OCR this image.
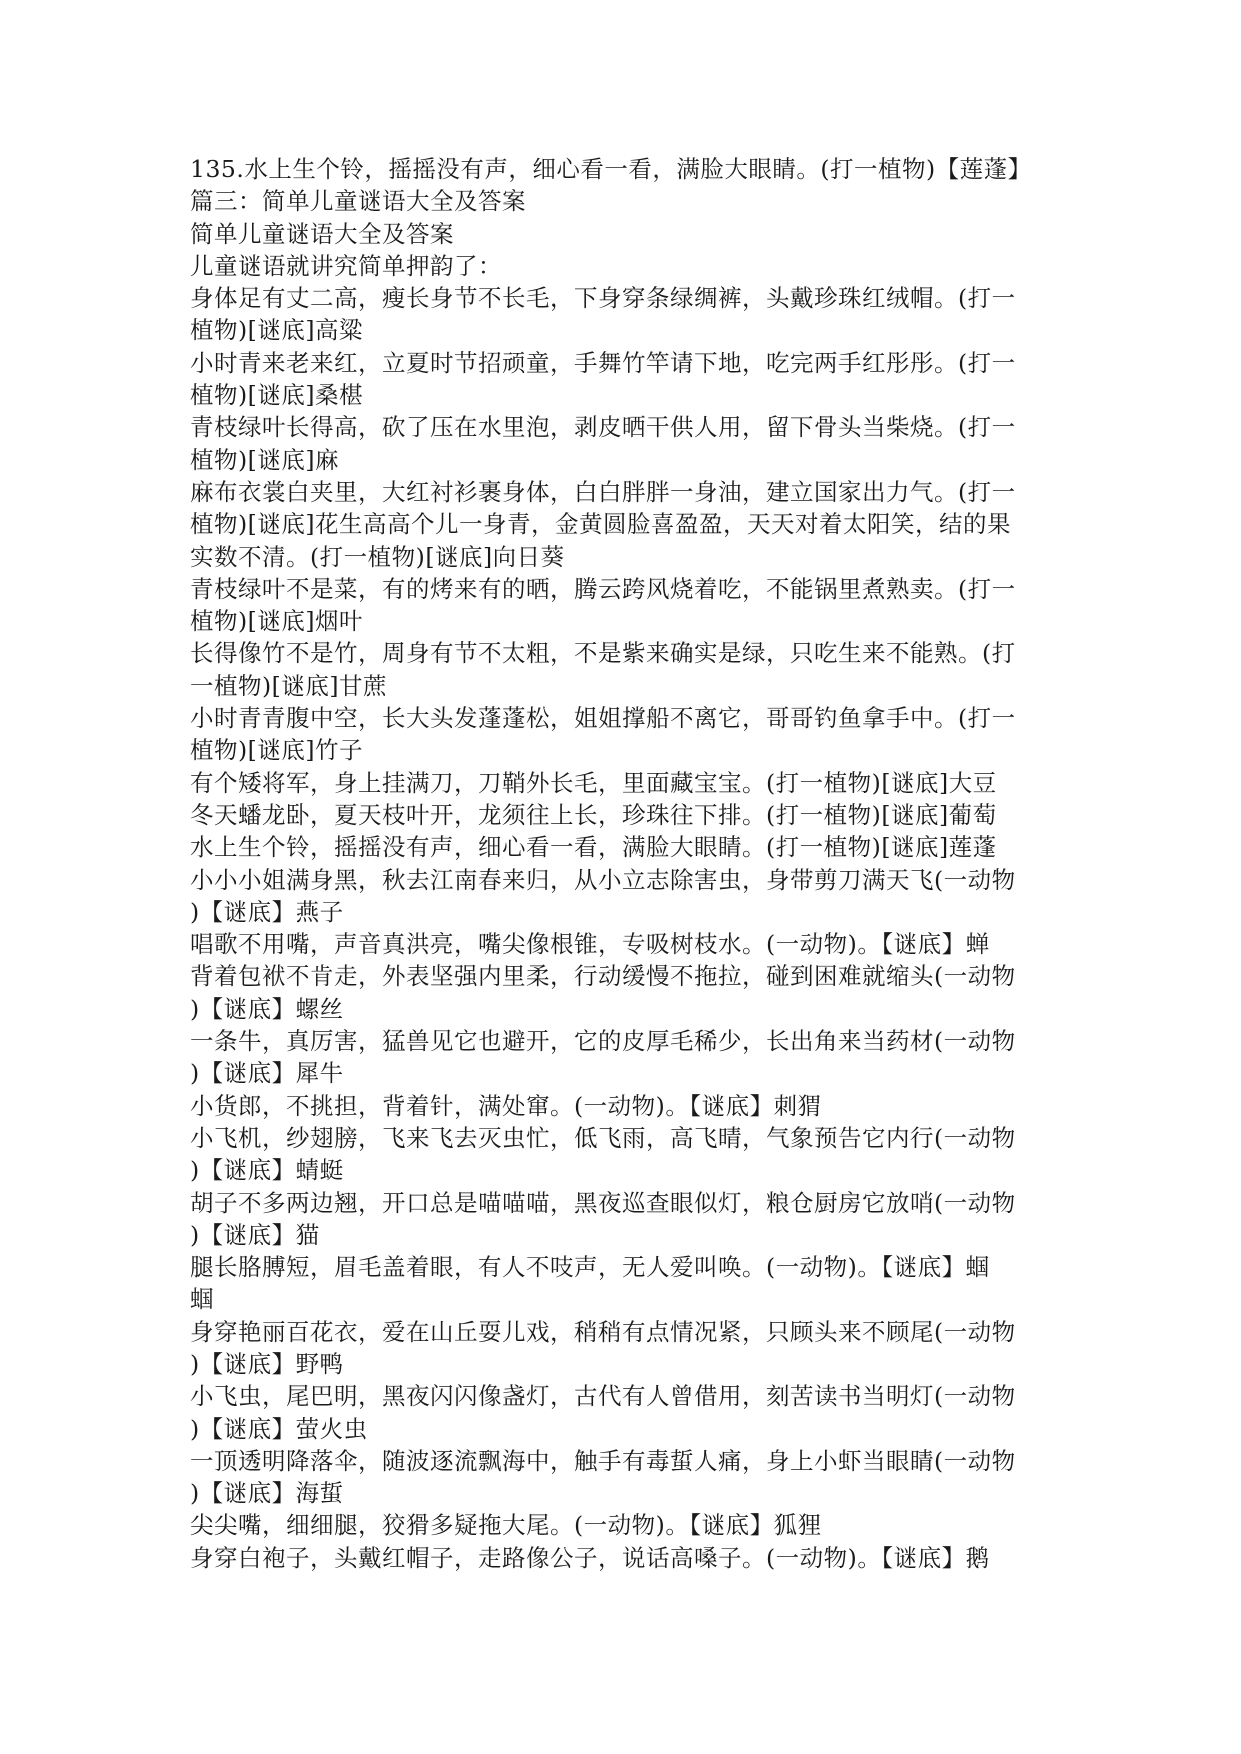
135.水上生个铃，摇摇没有声，细心看一看，满脸大眼睛。(打一植物)【莲蓬】
篇三：简单儿童谜语大全及答案
简单儿童谜语大全及答案
儿童谜语就讲究简单押韵了：
身体足有丈二高，瘦长身节不长毛，下身穿条绿绸裤，头戴珍珠红绒帽。(打一
植物)[谜底]高粱
小时青来老来红，立夏时节招顽童，手舞竹竿请下地，吃完两手红彤彤。(打一
植物)[谜底]桑椹
青枝绿叶长得高，砍了压在水里泡，剥皮晒干供人用，留下骨头当柴烧。(打一
植物)[谜底]麻
麻布衣裳白夹里，大红衬衫裹身体，白白胖胖一身油，建立国家出力气。(打一
植物)[谜底]花生高高个儿一身青，金黄圆脸喜盈盈，天天对着太阳笑，结的果
实数不清。(打一植物)[谜底]向日葵
青枝绿叶不是菜，有的烤来有的晒，腾云跨风烧着吃，不能锅里煮熟卖。(打一
植物)[谜底]烟叶
长得像竹不是竹，周身有节不太粗，不是紫来确实是绿，只吃生来不能熟。(打
一植物)[谜底]甘蔗
小时青青腹中空，长大头发蓬蓬松，姐姐撑船不离它，哥哥钓鱼拿手中。(打一
植物)[谜底]竹子
有个矮将军，身上挂满刀，刀鞘外长毛，里面藏宝宝。(打一植物)[谜底]大豆
冬天蟠龙卧，夏天枝叶开，龙须往上长，珍珠往下排。(打一植物)[谜底]葡萄
水上生个铃，摇摇没有声，细心看一看，满脸大眼睛。(打一植物)[谜底]莲蓬
小小小姐满身黑，秋去江南春来归，从小立志除害虫，身带剪刀满天飞(一动物
)【谜底】燕子
唱歌不用嘴，声音真洪亮，嘴尖像根锥，专吸树枝水。(一动物)。【谜底】蝉
背着包袱不肯走，外表坚强内里柔，行动缓慢不拖拉，碰到困难就缩头(一动物
)【谜底】螺丝
一条牛，真厉害，猛兽见它也避开，它的皮厚毛稀少，长出角来当药材(一动物
)【谜底】犀牛
小货郎，不挑担，背着针，满处窜。(一动物)。【谜底】刺猬
小飞机，纱翅膀，飞来飞去灭虫忙，低飞雨，高飞晴，气象预告它内行(一动物
)【谜底】蜻蜓
胡子不多两边翘，开口总是喵喵喵，黑夜巡查眼似灯，粮仓厨房它放哨(一动物
)【谜底】猫
腿长胳膊短，眉毛盖着眼，有人不吱声，无人爱叫唤。(一动物)。【谜底】蝈
蝈
身穿艳丽百花衣，爱在山丘耍儿戏，稍稍有点情况紧，只顾头来不顾尾(一动物
)【谜底】野鸭
小飞虫，尾巴明，黑夜闪闪像盏灯，古代有人曾借用，刻苦读书当明灯(一动物
)【谜底】萤火虫
一顶透明降落伞，随波逐流飘海中，触手有毒蜇人痛，身上小虾当眼睛(一动物
)【谜底】海蜇
尖尖嘴，细细腿，狡猾多疑拖大尾。(一动物)。【谜底】狐狸
身穿白袍子，头戴红帽子，走路像公子，说话高嗓子。(一动物)。【谜底】鹅
